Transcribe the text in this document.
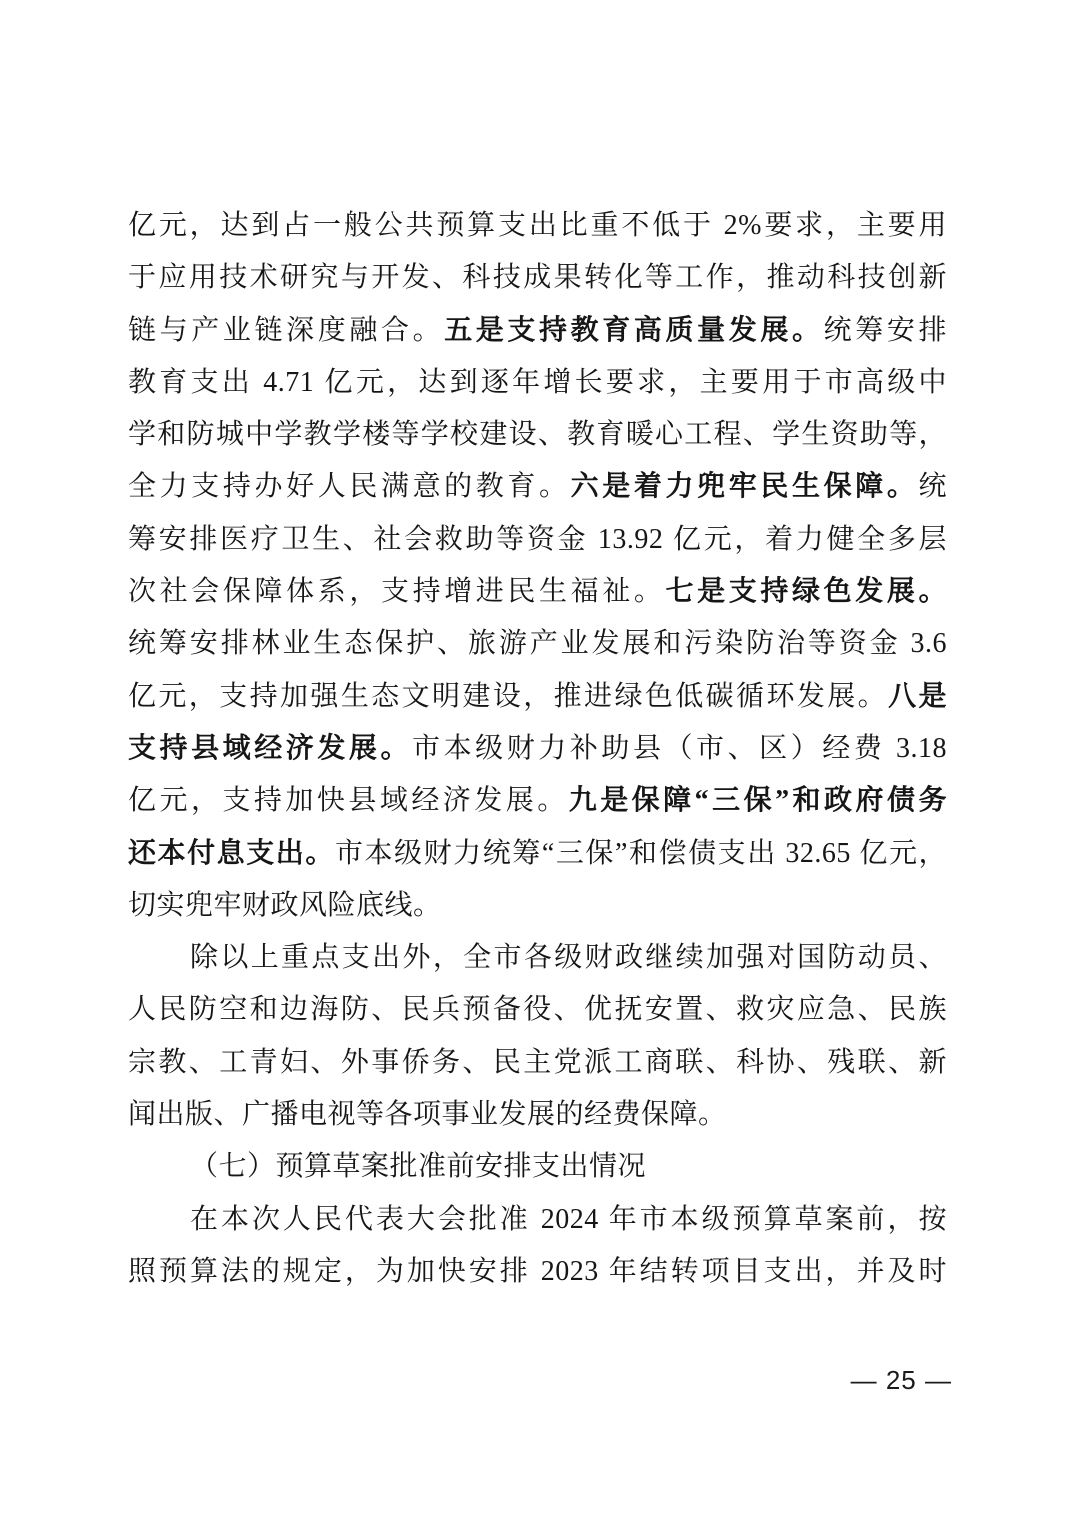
亿元，达到占一般公共预算支出比重不低于 2%要求，主要用
于应用技术研究与开发、科技成果转化等工作，推动科技创新
链与产业链深度融合。五是支持教育高质量发展。统筹安排
教育支出 4.71 亿元，达到逐年增长要求，主要用于市高级中
学和防城中学教学楼等学校建设、教育暖心工程、学生资助等，
全力支持办好人民满意的教育。六是着力兜牢民生保障。统
筹安排医疗卫生、社会救助等资金 13.92 亿元，着力健全多层
次社会保障体系，支持增进民生福祉。七是支持绿色发展。
统筹安排林业生态保护、旅游产业发展和污染防治等资金 3.6
亿元，支持加强生态文明建设，推进绿色低碳循环发展。八是
支持县域经济发展。市本级财力补助县（市、区）经费 3.18
亿元，支持加快县域经济发展。九是保障“三保”和政府债务
还本付息支出。市本级财力统筹“三保”和偿债支出 32.65 亿元，
切实兜牢财政风险底线。
除以上重点支出外，全市各级财政继续加强对国防动员、
人民防空和边海防、民兵预备役、优抚安置、救灾应急、民族
宗教、工青妇、外事侨务、民主党派工商联、科协、残联、新
闻出版、广播电视等各项事业发展的经费保障。
（七）预算草案批准前安排支出情况
在本次人民代表大会批准 2024 年市本级预算草案前，按
照预算法的规定，为加快安排 2023 年结转项目支出，并及时
— 25 —
